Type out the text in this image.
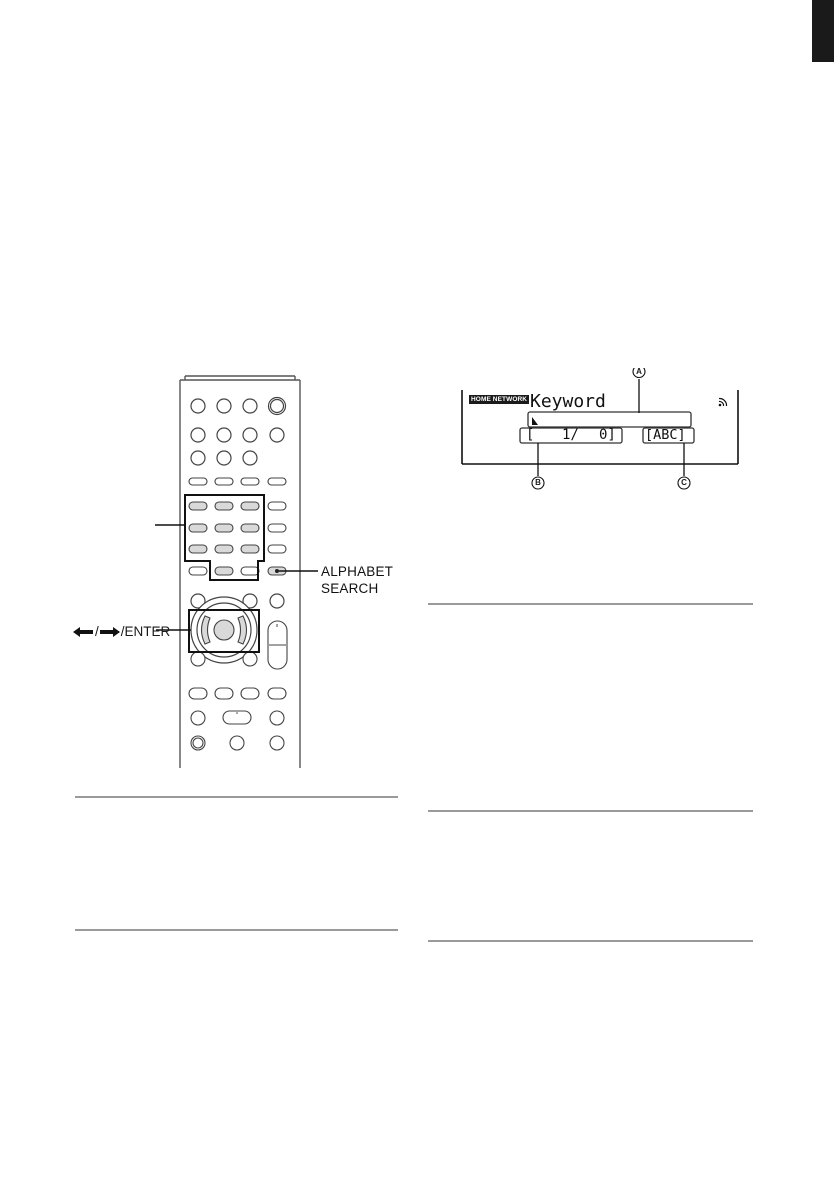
ALPHABET
SEARCH
/ /ENTER
A
B	C
HOME NETWORK Keyword
[ 1/ 0] [ABC]
